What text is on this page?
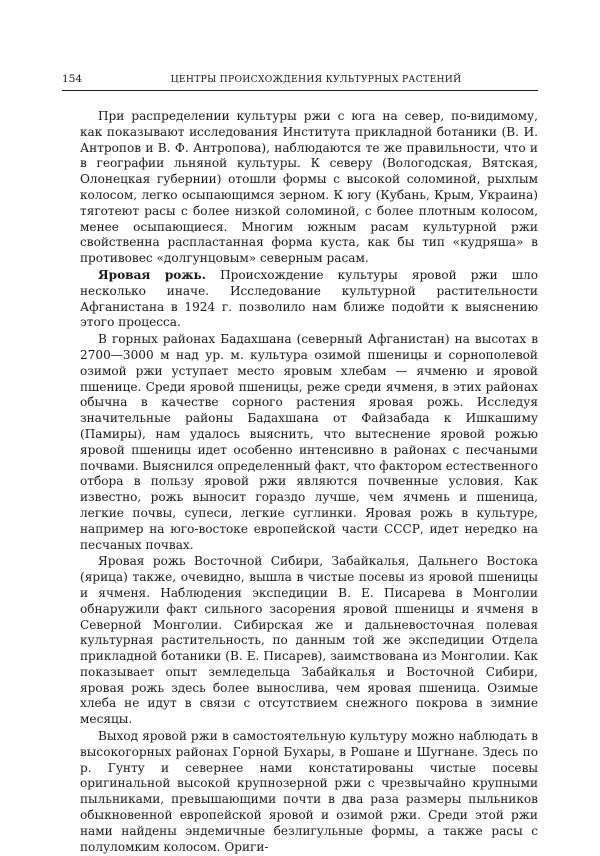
154	ЦЕНТРЫ ПРОИСХОЖДЕНИЯ КУЛЬТУРНЫХ РАСТЕНИЙ

При распределении культуры ржи с юга на север, по-видимому, как показывают исследования Института прикладной ботаники (В. И. Антропов и В. Ф. Антропова), наблюдаются те же правильности, что и в географии льняной культуры. К северу (Вологодская, Вятская, Олонецкая губернии) отошли формы с высокой соломиной, рыхлым колосом, легко осыпающимся зерном. К югу (Кубань, Крым, Украина) тяготеют расы с более низкой соломиной, с более плотным колосом, менее осыпающиеся. Многим южным расам культурной ржи свойственна распластанная форма куста, как бы тип «кудряша» в противовес «долгунцовым» северным расам.

Яровая рожь. Происхождение культуры яровой ржи шло несколько иначе. Исследование культурной растительности Афганистана в 1924 г. позволило нам ближе подойти к выяснению этого процесса.

В горных районах Бадахшана (северный Афганистан) на высотах в 2700—3000 м над ур. м. культура озимой пшеницы и сорнополевой озимой ржи уступает место яровым хлебам — ячменю и яровой пшенице. Среди яровой пшеницы, реже среди ячменя, в этих районах обычна в качестве сорного растения яровая рожь. Исследуя значительные районы Бадахшана от Файзабада к Ишкашиму (Памиры), нам удалось выяснить, что вытеснение яровой рожью яровой пшеницы идет особенно интенсивно в районах с песчаными почвами. Выяснился определенный факт, что фактором естественного отбора в пользу яровой ржи являются почвенные условия. Как известно, рожь выносит гораздо лучше, чем ячмень и пшеница, легкие почвы, супеси, легкие суглинки. Яровая рожь в культуре, например на юго-востоке европейской части СССР, идет нередко на песчаных почвах.

Яровая рожь Восточной Сибири, Забайкалья, Дальнего Востока (ярица) также, очевидно, вышла в чистые посевы из яровой пшеницы и ячменя. Наблюдения экспедиции В. Е. Писарева в Монголии обнаружили факт сильного засорения яровой пшеницы и ячменя в Северной Монголии. Сибирская же и дальневосточная полевая культурная растительность, по данным той же экспедиции Отдела прикладной ботаники (В. Е. Писарев), заимствована из Монголии. Как показывает опыт земледельца Забайкалья и Восточной Сибири, яровая рожь здесь более выносливa, чем яровая пшеница. Озимые хлеба не идут в связи с отсутствием снежного покрова в зимние месяцы.

Выход яровой ржи в самостоятельную культуру можно наблюдать в высокогорных районах Горной Бухары, в Рошане и Шугнане. Здесь по р. Гунту и севернее нами констатированы чистые посевы оригинальной высокой крупнозерной ржи с чрезвычайно крупными пыльниками, превышающими почти в два раза размеры пыльников обыкновенной европейской яровой и озимой ржи. Среди этой ржи нами найдены эндемичные безлигульные формы, а также расы с полуломким колосом. Ориги-
